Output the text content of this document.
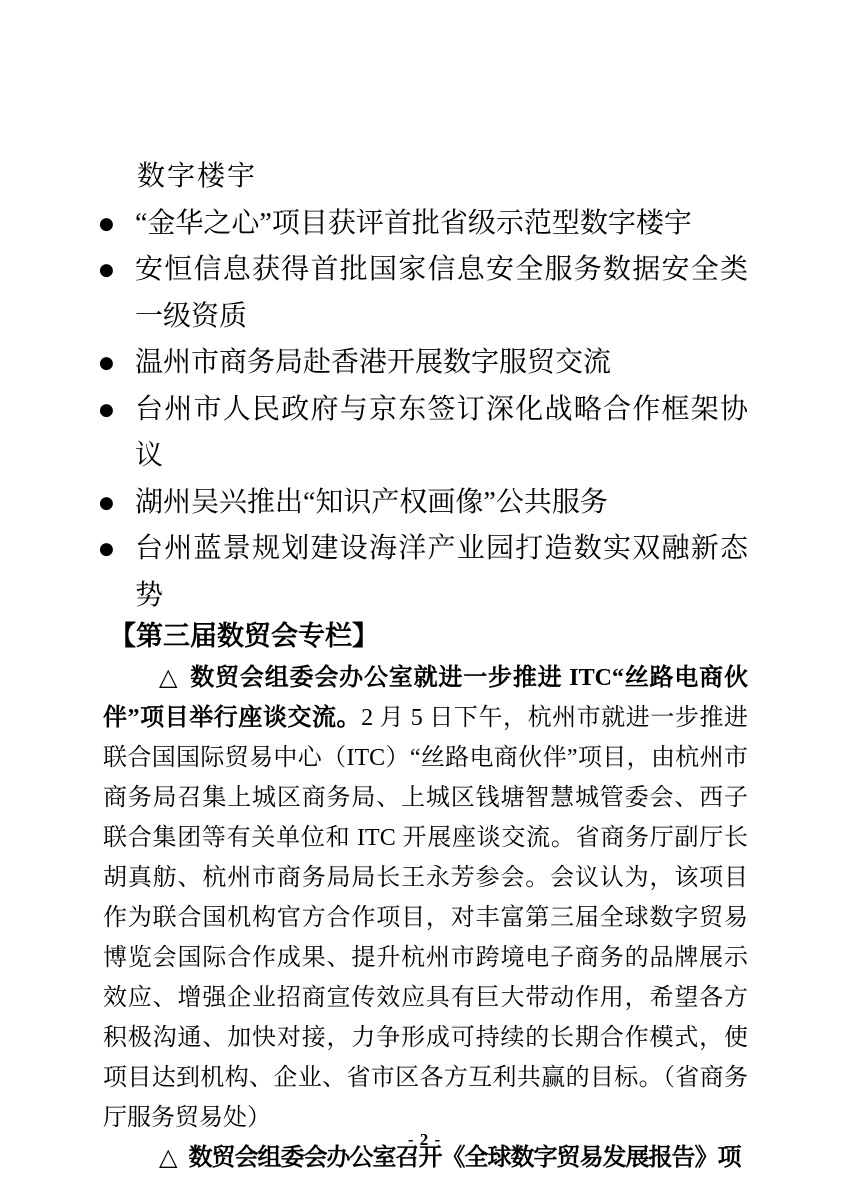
数字楼宇
● “金华之心”项目获评首批省级示范型数字楼宇
● 安恒信息获得首批国家信息安全服务数据安全类一级资质
● 温州市商务局赴香港开展数字服贸交流
● 台州市人民政府与京东签订深化战略合作框架协议
● 湖州吴兴推出“知识产权画像”公共服务
● 台州蓝景规划建设海洋产业园打造数实双融新态势
【第三届数贸会专栏】
△ 数贸会组委会办公室就进一步推进 ITC“丝路电商伙伴”项目举行座谈交流。2 月 5 日下午，杭州市就进一步推进联合国国际贸易中心（ITC）“丝路电商伙伴”项目，由杭州市商务局召集上城区商务局、上城区钱塘智慧城管委会、西子联合集团等有关单位和 ITC 开展座谈交流。省商务厅副厅长胡真舫、杭州市商务局局长王永芳参会。会议认为，该项目作为联合国机构官方合作项目，对丰富第三届全球数字贸易博览会国际合作成果、提升杭州市跨境电子商务的品牌展示效应、增强企业招商宣传效应具有巨大带动作用，希望各方积极沟通、加快对接，力争形成可持续的长期合作模式，使项目达到机构、企业、省市区各方互利共赢的目标。（省商务厅服务贸易处）
△ 数贸会组委会办公室召开《全球数字贸易发展报告》项
- 2 -
